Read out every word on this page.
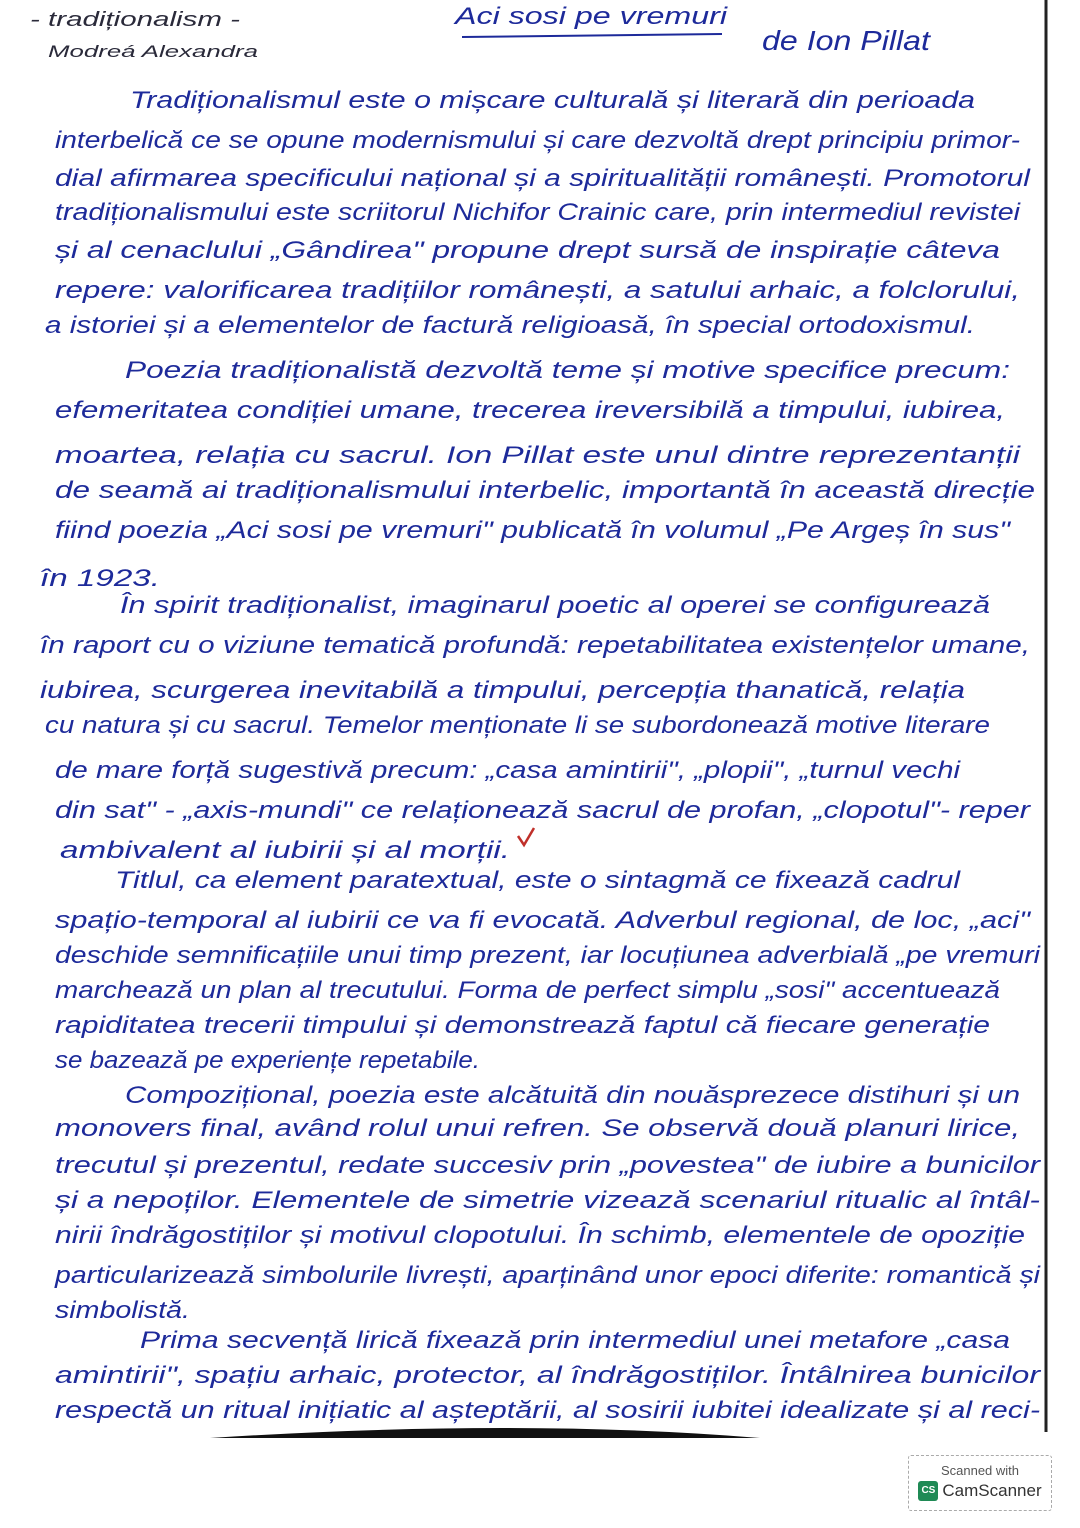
- tradiționalism -
Modreá Alexandra
Aci sosi pe vremuri
de Ion Pillat
Tradiționalismul este o mișcare culturală și literară din perioada
interbelică ce se opune modernismului și care dezvoltă drept principiu primor-
dial afirmarea specificului național și a spiritualității românești. Promotorul
tradiționalismului este scriitorul Nichifor Crainic care, prin intermediul revistei
și al cenaclului „Gândirea" propune drept sursă de inspirație câteva
repere: valorificarea tradițiilor românești, a satului arhaic, a folclorului,
a istoriei și a elementelor de factură religioasă, în special ortodoxismul.
Poezia tradiționalistă dezvoltă teme și motive specifice precum:
efemeritatea condiției umane, trecerea ireversibilă a timpului, iubirea,
moartea, relația cu sacrul. Ion Pillat este unul dintre reprezentanții
de seamă ai tradiționalismului interbelic, importantă în această direcție
fiind poezia „Aci sosi pe vremuri" publicată în volumul „Pe Argeș în sus"
în 1923.
În spirit tradiționalist, imaginarul poetic al operei se configurează
în raport cu o viziune tematică profundă: repetabilitatea existențelor umane,
iubirea, scurgerea inevitabilă a timpului, percepția thanatică, relația
cu natura și cu sacrul. Temelor menționate li se subordonează motive literare
de mare forță sugestivă precum: „casa amintirii", „plopii", „turnul vechi
din sat" - „axis-mundi" ce relaționează sacrul de profan, „clopotul"- reper
ambivalent al iubirii și al morții.
Titlul, ca element paratextual, este o sintagmă ce fixează cadrul
spațio-temporal al iubirii ce va fi evocată. Adverbul regional, de loc, „aci"
deschide semnificațiile unui timp prezent, iar locuțiunea adverbială „pe vremuri
marchează un plan al trecutului. Forma de perfect simplu „sosi" accentuează
rapiditatea trecerii timpului și demonstrează faptul că fiecare generație
se bazează pe experiențe repetabile.
Compozițional, poezia este alcătuită din nouăsprezece distihuri și un
monovers final, având rolul unui refren. Se observă două planuri lirice,
trecutul și prezentul, redate succesiv prin „povestea" de iubire a bunicilor
și a nepoților. Elementele de simetrie vizează scenariul ritualic al întâl-
nirii îndrăgostiților și motivul clopotului. În schimb, elementele de opoziție
particularizează simbolurile livrești, aparținând unor epoci diferite: romantică și
simbolistă.
Prima secvență lirică fixează prin intermediul unei metafore „casa
amintirii", spațiu arhaic, protector, al îndrăgostiților. Întâlnirea bunicilor
respectă un ritual inițiatic al așteptării, al sosirii iubitei idealizate și al reci-
Scanned with
CS CamScanner
